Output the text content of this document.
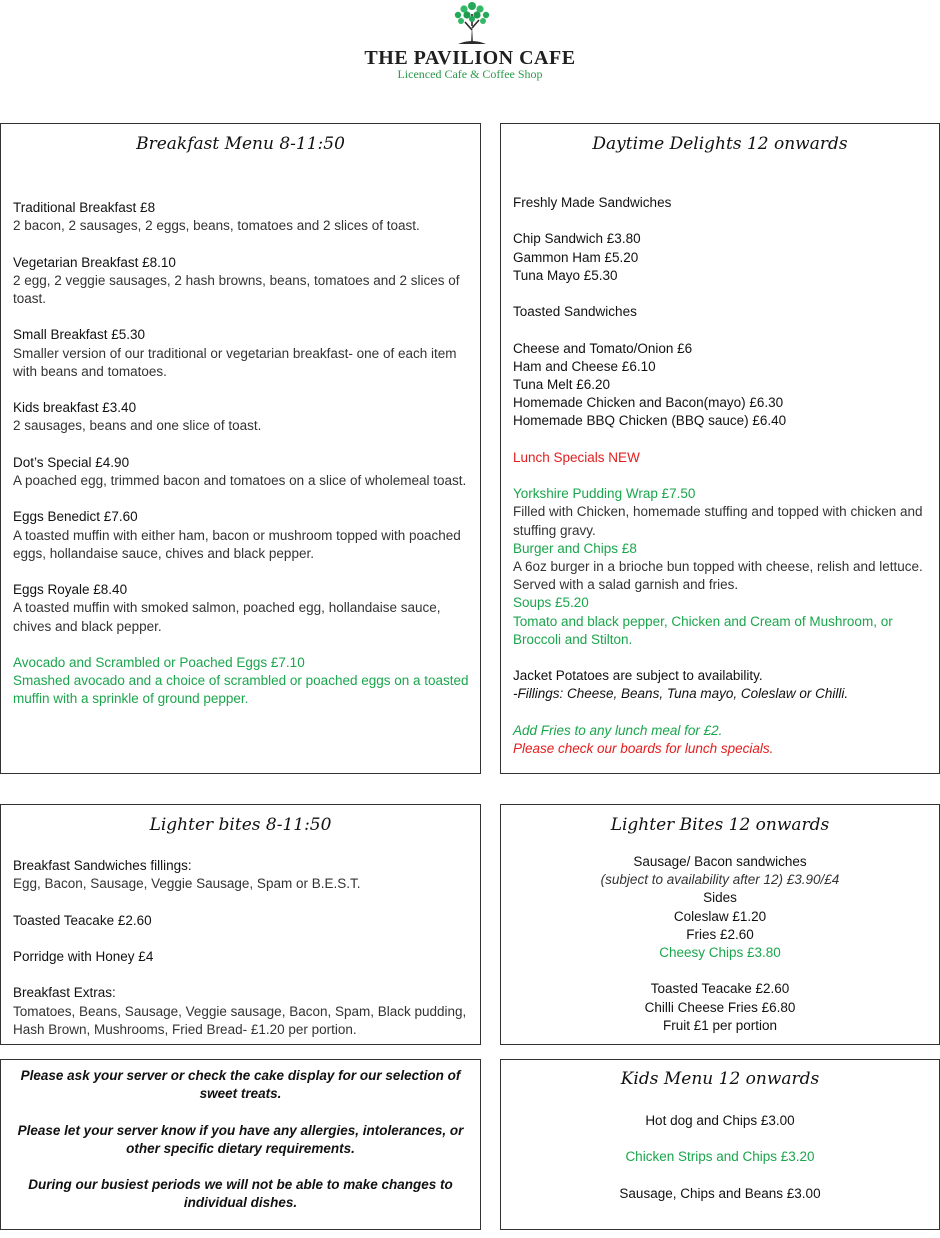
THE PAVILION CAFE
Licenced Cafe & Coffee Shop
Breakfast Menu 8-11:50
Traditional Breakfast £8
2 bacon, 2 sausages, 2 eggs, beans, tomatoes and 2 slices of toast.
Vegetarian Breakfast £8.10
2 egg, 2 veggie sausages, 2 hash browns, beans, tomatoes and 2 slices of toast.
Small Breakfast £5.30
Smaller version of our traditional or vegetarian breakfast- one of each item with beans and tomatoes.
Kids breakfast £3.40
2 sausages, beans and one slice of toast.
Dot’s Special £4.90
A poached egg, trimmed bacon and tomatoes on a slice of wholemeal toast.
Eggs Benedict £7.60
A toasted muffin with either ham, bacon or mushroom topped with poached eggs, hollandaise sauce, chives and black pepper.
Eggs Royale £8.40
A toasted muffin with smoked salmon, poached egg, hollandaise sauce, chives and black pepper.
Avocado and Scrambled or Poached Eggs £7.10
Smashed avocado and a choice of scrambled or poached eggs on a toasted muffin with a sprinkle of ground pepper.
Daytime Delights 12 onwards
Freshly Made Sandwiches
Chip Sandwich £3.80
Gammon Ham £5.20
Tuna Mayo £5.30
Toasted Sandwiches
Cheese and Tomato/Onion £6
Ham and Cheese £6.10
Tuna Melt £6.20
Homemade Chicken and Bacon(mayo) £6.30
Homemade BBQ Chicken (BBQ sauce) £6.40
Lunch Specials NEW
Yorkshire Pudding Wrap £7.50
Filled with Chicken, homemade stuffing and topped with chicken and stuffing gravy.
Burger and Chips £8
A 6oz burger in a brioche bun topped with cheese, relish and lettuce. Served with a salad garnish and fries.
Soups £5.20
Tomato and black pepper, Chicken and Cream of Mushroom, or Broccoli and Stilton.
Jacket Potatoes are subject to availability.
-Fillings: Cheese, Beans, Tuna mayo, Coleslaw or Chilli.
Add Fries to any lunch meal for £2.
Please check our boards for lunch specials.
Lighter bites 8-11:50
Breakfast Sandwiches fillings:
Egg, Bacon, Sausage, Veggie Sausage, Spam or B.E.S.T.
Toasted Teacake £2.60
Porridge with Honey £4
Breakfast Extras:
Tomatoes, Beans, Sausage, Veggie sausage, Bacon, Spam, Black pudding, Hash Brown, Mushrooms, Fried Bread- £1.20 per portion.
Lighter Bites 12 onwards
Sausage/ Bacon sandwiches
(subject to availability after 12) £3.90/£4
Sides
Coleslaw £1.20
Fries £2.60
Cheesy Chips £3.80
Toasted Teacake £2.60
Chilli Cheese Fries £6.80
Fruit £1 per portion
Please ask your server or check the cake display for our selection of sweet treats.
Please let your server know if you have any allergies, intolerances, or other specific dietary requirements.
During our busiest periods we will not be able to make changes to individual dishes.
Kids Menu 12 onwards
Hot dog and Chips £3.00
Chicken Strips and Chips £3.20
Sausage, Chips and Beans £3.00
